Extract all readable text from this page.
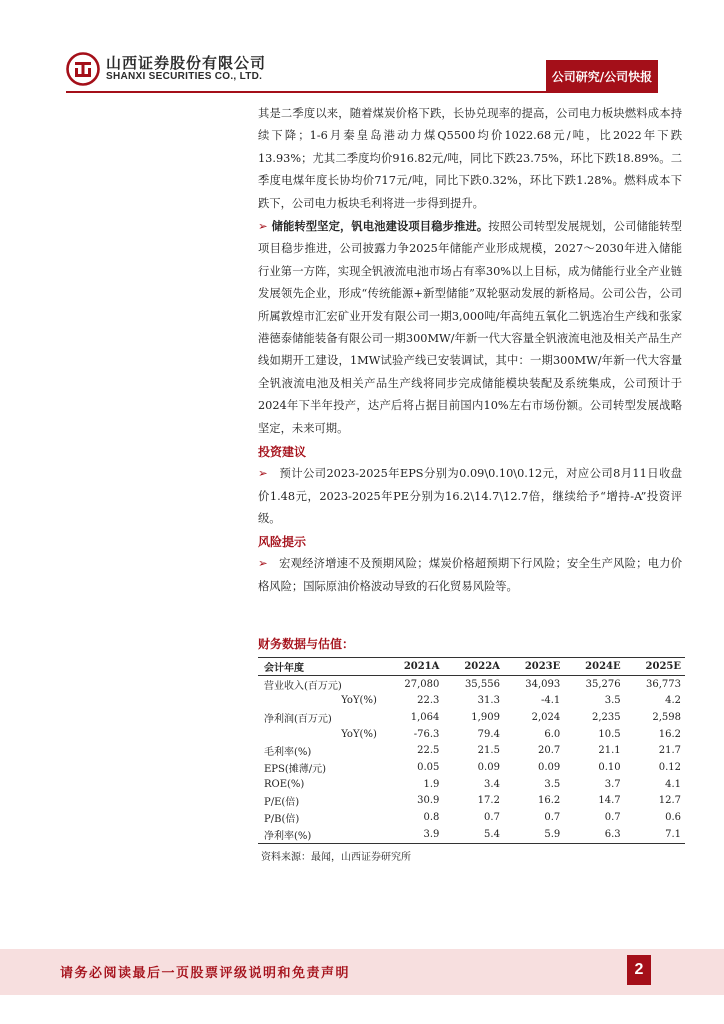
山西证券股份有限公司
SHANXI SECURITIES CO., LTD.	公司研究/公司快报

其是二季度以来，随着煤炭价格下跌，长协兑现率的提高，公司电力板块燃料成本持续下降；1-6月秦皇岛港动力煤Q5500均价1022.68元/吨，比2022年下跌13.93%；尤其二季度均价916.82元/吨，同比下跌23.75%，环比下跌18.89%。二季度电煤年度长协均价717元/吨，同比下跌0.32%，环比下跌1.28%。燃料成本下跌下，公司电力板块毛利将进一步得到提升。

➢ 储能转型坚定，钒电池建设项目稳步推进。按照公司转型发展规划，公司储能转型项目稳步推进，公司披露力争2025年储能产业形成规模，2027～2030年进入储能行业第一方阵，实现全钒液流电池市场占有率30%以上目标，成为储能行业全产业链发展领先企业，形成“传统能源+新型储能”双轮驱动发展的新格局。公司公告，公司所属敦煌市汇宏矿业开发有限公司一期3,000吨/年高纯五氧化二钒选冶生产线和张家港德泰储能装备有限公司一期300MW/年新一代大容量全钒液流电池及相关产品生产线如期开工建设，1MW试验产线已安装调试，其中：一期300MW/年新一代大容量全钒液流电池及相关产品生产线将同步完成储能模块装配及系统集成，公司预计于2024年下半年投产，达产后将占据目前国内10%左右市场份额。公司转型发展战略坚定，未来可期。

投资建议

➢ 预计公司2023-2025年EPS分别为0.09\0.10\0.12元，对应公司8月11日收盘价1.48元，2023-2025年PE分别为16.2\14.7\12.7倍，继续给予“增持-A”投资评级。

风险提示

➢ 宏观经济增速不及预期风险；煤炭价格超预期下行风险；安全生产风险；电力价格风险；国际原油价格波动导致的石化贸易风险等。

财务数据与估值：
会计年度	2021A	2022A	2023E	2024E	2025E
营业收入(百万元)	27,080	35,556	34,093	35,276	36,773
YoY(%)	22.3	31.3	-4.1	3.5	4.2
净利润(百万元)	1,064	1,909	2,024	2,235	2,598
YoY(%)	-76.3	79.4	6.0	10.5	16.2
毛利率(%)	22.5	21.5	20.7	21.1	21.7
EPS(摊薄/元)	0.05	0.09	0.09	0.10	0.12
ROE(%)	1.9	3.4	3.5	3.7	4.1
P/E(倍)	30.9	17.2	16.2	14.7	12.7
P/B(倍)	0.8	0.7	0.7	0.7	0.6
净利率(%)	3.9	5.4	5.9	6.3	7.1
资料来源：最闻，山西证券研究所
请务必阅读最后一页股票评级说明和免责声明	2
